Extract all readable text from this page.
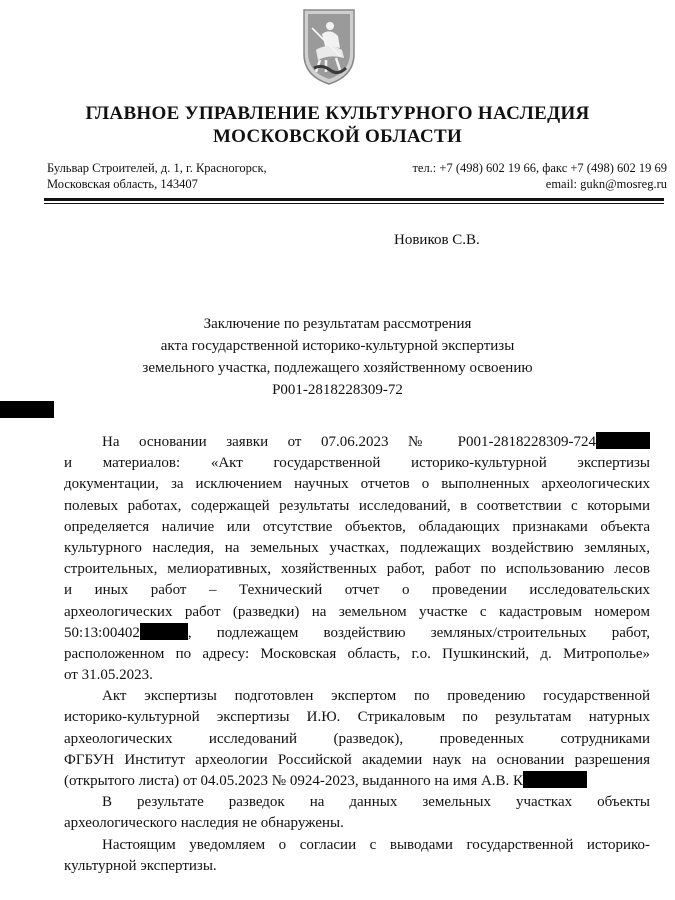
ГЛАВНОЕ УПРАВЛЕНИЕ КУЛЬТУРНОГО НАСЛЕДИЯ
МОСКОВСКОЙ ОБЛАСТИ
Бульвар Строителей, д. 1, г. Красногорск,
Московская область, 143407
тел.: +7 (498) 602 19 66, факс +7 (498) 602 19 69
email: gukn@mosreg.ru
Новиков С.В.
Заключение по результатам рассмотрения
акта государственной историко-культурной экспертизы
земельного участка, подлежащего хозяйственному освоению
Р001-2818228309-72
На основании заявки от 07.06.2023 № Р001-2818228309-724
и материалов: «Акт государственной историко-культурной экспертизы
документации, за исключением научных отчетов о выполненных археологических
полевых работах, содержащей результаты исследований, в соответствии с которыми
определяется наличие или отсутствие объектов, обладающих признаками объекта
культурного наследия, на земельных участках, подлежащих воздействию земляных,
строительных, мелиоративных, хозяйственных работ, работ по использованию лесов
и иных работ – Технический отчет о проведении исследовательских
археологических работ (разведки) на земельном участке с кадастровым номером
50:13:00402	, подлежащем воздействию земляных/строительных работ,
расположенном по адресу: Московская область, г.о. Пушкинский, д. Митрополье»
от 31.05.2023.
Акт экспертизы подготовлен экспертом по проведению государственной
историко-культурной экспертизы И.Ю. Стрикаловым по результатам натурных
археологических исследований (разведок), проведенных сотрудниками
ФГБУН Институт археологии Российской академии наук на основании разрешения
(открытого листа) от 04.05.2023 № 0924-2023, выданного на имя А.В. К
В результате разведок на данных земельных участках объекты
археологического наследия не обнаружены.
Настоящим уведомляем о согласии с выводами государственной историко-
культурной экспертизы.
